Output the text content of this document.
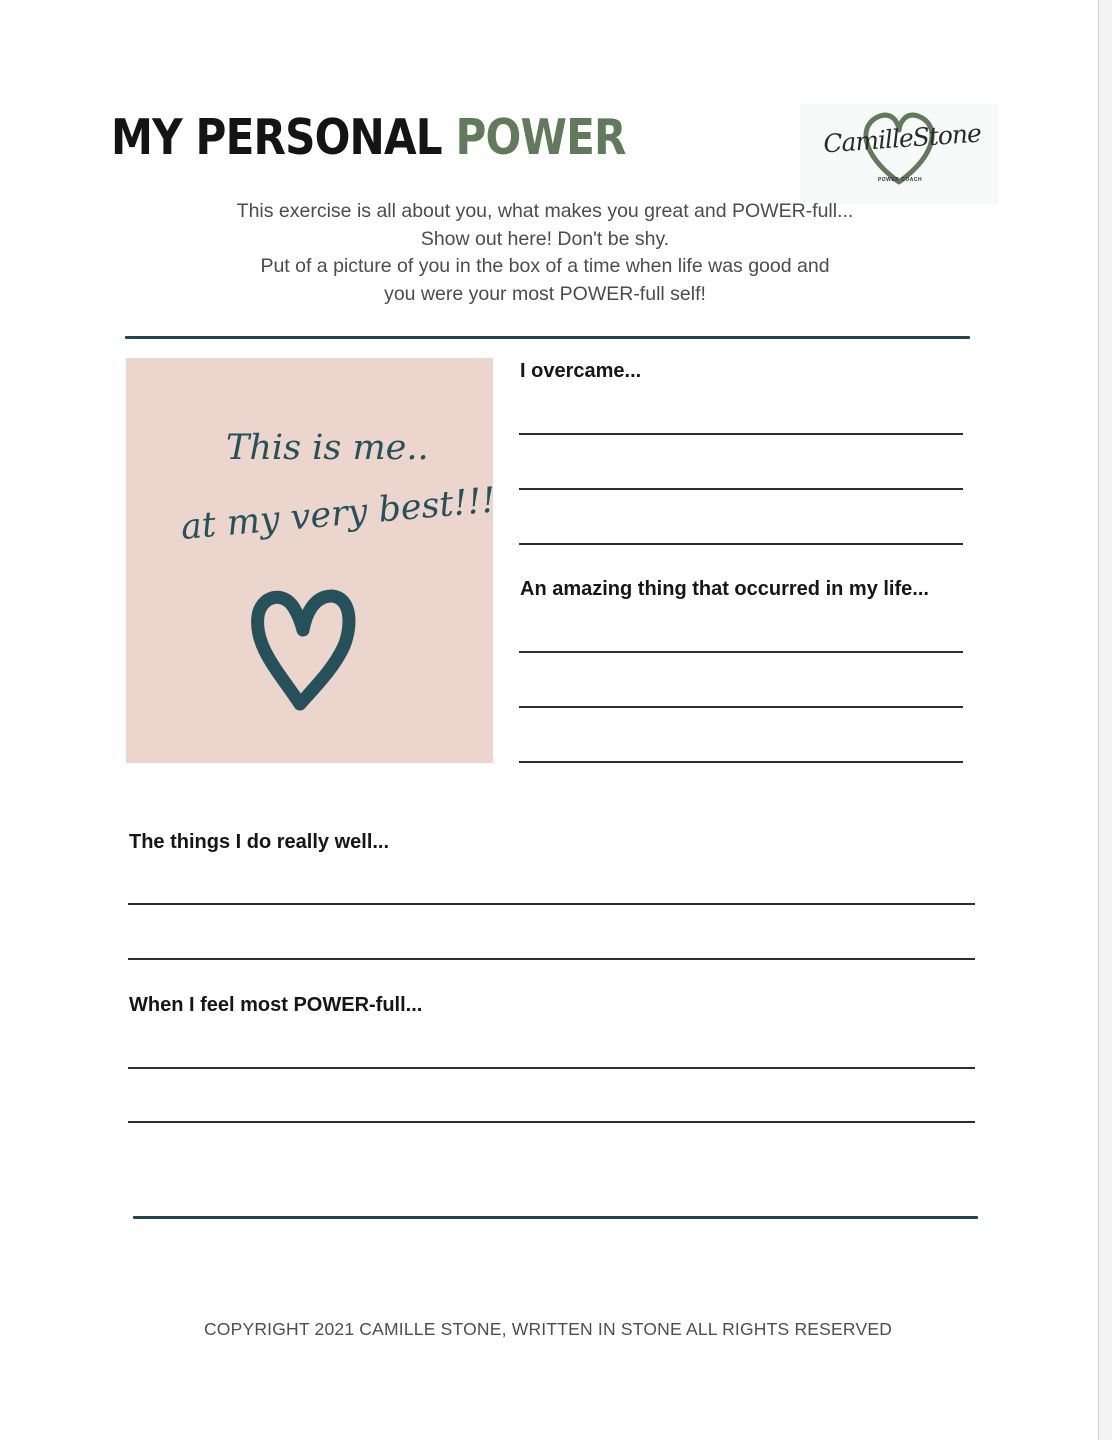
MY PERSONAL POWER	CamilleStone
POWER COACH
This exercise is all about you, what makes you great and POWER-full...
Show out here! Don't be shy.
Put of a picture of you in the box of a time when life was good and
you were your most POWER-full self!

This is me..

at my very best!!!

I overcame...

An amazing thing that occurred in my life...

The things I do really well...

When I feel most POWER-full...

COPYRIGHT 2021 CAMILLE STONE, WRITTEN IN STONE ALL RIGHTS RESERVED
